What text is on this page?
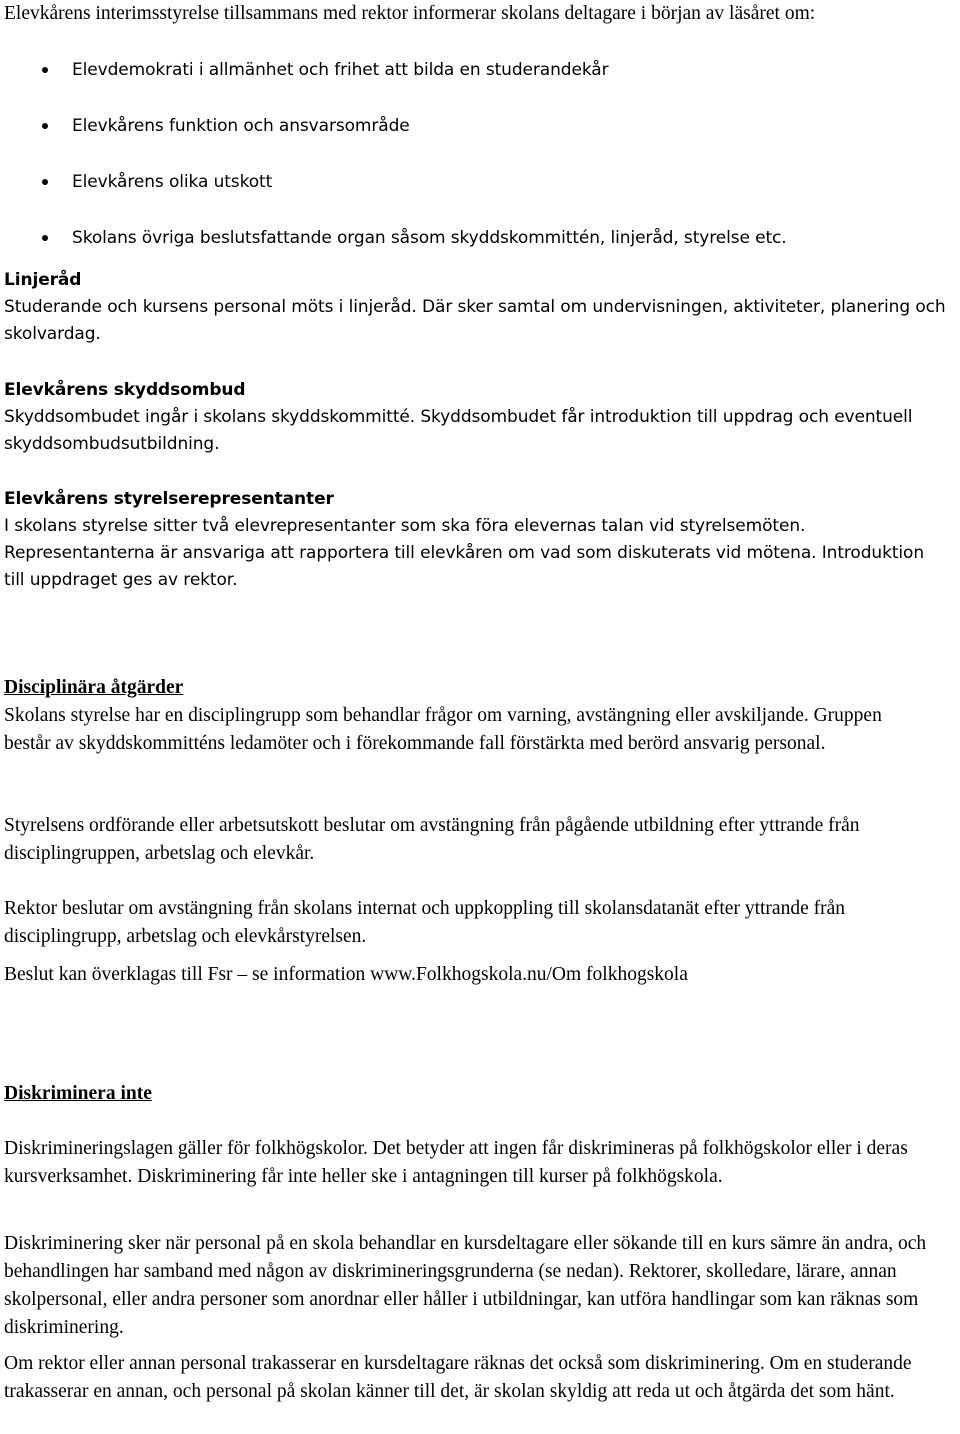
Elevkårens interimsstyrelse tillsammans med rektor informerar skolans deltagare i början av läsåret om:

Elevdemokrati i allmänhet och frihet att bilda en studerandekår
Elevkårens funktion och ansvarsområde
Elevkårens olika utskott
Skolans övriga beslutsfattande organ såsom skyddskommittén, linjeråd, styrelse etc.
Linjeråd

Studerande och kursens personal möts i linjeråd. Där sker samtal om undervisningen, aktiviteter, planering och skolvardag.

Elevkårens skyddsombud

Skyddsombudet ingår i skolans skyddskommitté. Skyddsombudet får introduktion till uppdrag och eventuell skyddsombudsutbildning.

Elevkårens styrelserepresentanter

I skolans styrelse sitter två elevrepresentanter som ska föra elevernas talan vid styrelsemöten. Representanterna är ansvariga att rapportera till elevkåren om vad som diskuterats vid mötena. Introduktion till uppdraget ges av rektor.

Disciplinära åtgärder

Skolans styrelse har en disciplingrupp som behandlar frågor om varning, avstängning eller avskiljande. Gruppen består av skyddskommitténs ledamöter och i förekommande fall förstärkta med berörd ansvarig personal.

Styrelsens ordförande eller arbetsutskott beslutar om avstängning från pågående utbildning efter yttrande från disciplingruppen, arbetslag och elevkår.

Rektor beslutar om avstängning från skolans internat och uppkoppling till skolansdatanät efter yttrande från disciplingrupp, arbetslag och elevkårstyrelsen.

Beslut kan överklagas till Fsr – se information www.Folkhogskola.nu/Om folkhogskola

Diskriminera inte

Diskrimineringslagen gäller för folkhögskolor. Det betyder att ingen får diskrimineras på folkhögskolor eller i deras kursverksamhet. Diskriminering får inte heller ske i antagningen till kurser på folkhögskola.

Diskriminering sker när personal på en skola behandlar en kursdeltagare eller sökande till en kurs sämre än andra, och behandlingen har samband med någon av diskrimineringsgrunderna (se nedan). Rektorer, skolledare, lärare, annan skolpersonal, eller andra personer som anordnar eller håller i utbildningar, kan utföra handlingar som kan räknas som diskriminering.

Om rektor eller annan personal trakasserar en kursdeltagare räknas det också som diskriminering. Om en studerande trakasserar en annan, och personal på skolan känner till det, är skolan skyldig att reda ut och åtgärda det som hänt.
